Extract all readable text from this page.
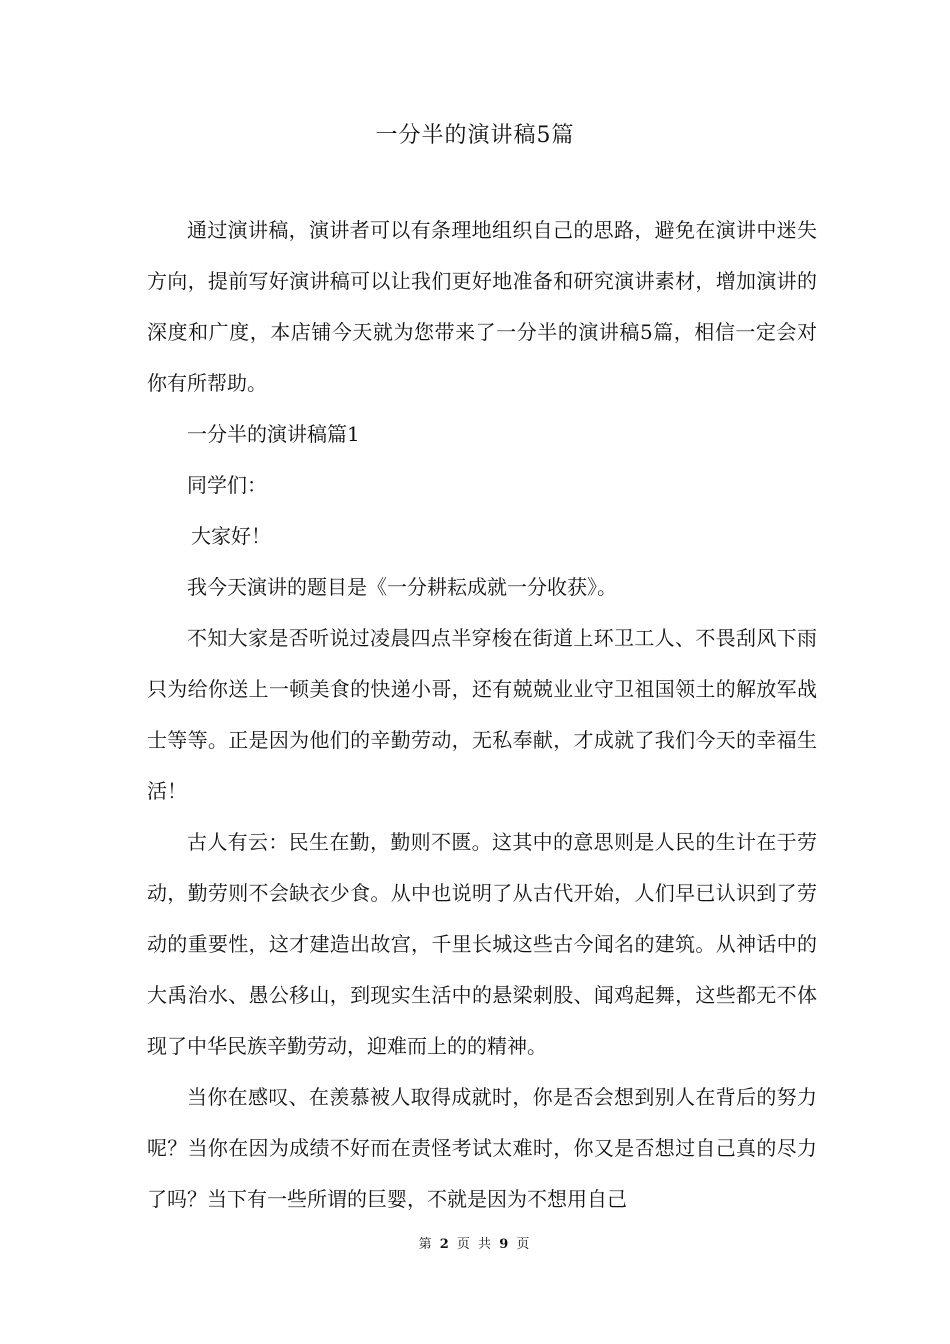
一分半的演讲稿5篇

通过演讲稿，演讲者可以有条理地组织自己的思路，避免在演讲中迷失方向，提前写好演讲稿可以让我们更好地准备和研究演讲素材，增加演讲的深度和广度，本店铺今天就为您带来了一分半的演讲稿5篇，相信一定会对你有所帮助。

一分半的演讲稿篇1

同学们：

大家好！

我今天演讲的题目是《一分耕耘成就一分收获》。

不知大家是否听说过凌晨四点半穿梭在街道上环卫工人、不畏刮风下雨只为给你送上一顿美食的快递小哥，还有兢兢业业守卫祖国领土的解放军战士等等。正是因为他们的辛勤劳动，无私奉献，才成就了我们今天的幸福生活！

古人有云：民生在勤，勤则不匮。这其中的意思则是人民的生计在于劳动，勤劳则不会缺衣少食。从中也说明了从古代开始，人们早已认识到了劳动的重要性，这才建造出故宫，千里长城这些古今闻名的建筑。从神话中的大禹治水、愚公移山，到现实生活中的悬梁刺股、闻鸡起舞，这些都无不体现了中华民族辛勤劳动，迎难而上的的精神。

当你在感叹、在羡慕被人取得成就时，你是否会想到别人在背后的努力呢？当你在因为成绩不好而在责怪考试太难时，你又是否想过自己真的尽力了吗？当下有一些所谓的巨婴，不就是因为不想用自己

第 2 页 共 9 页
